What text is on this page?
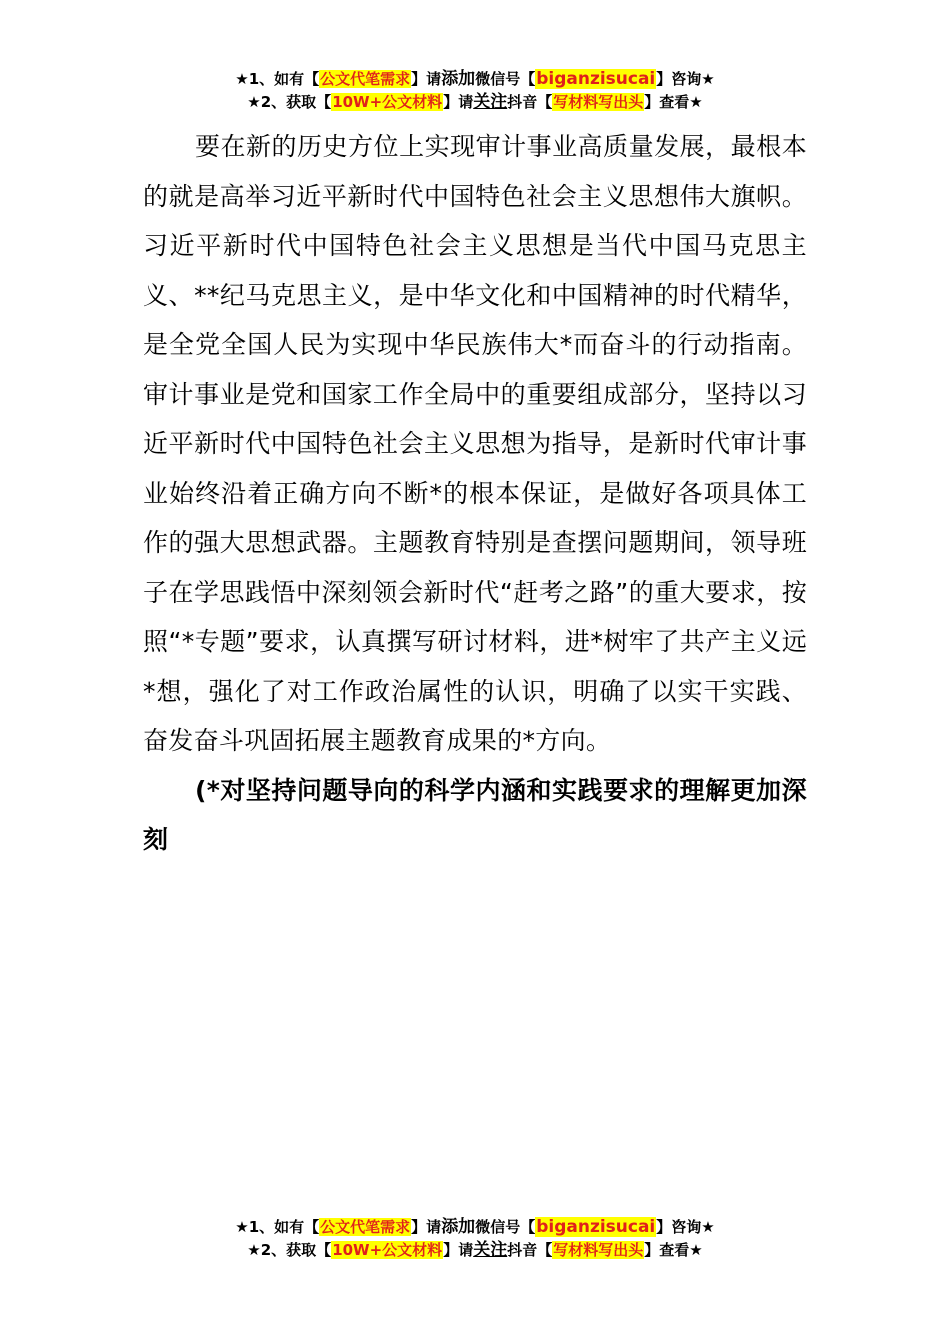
★1、如有【公文代笔需求】请添加微信号【biganzisucai】咨询★
★2、获取【10W+公文材料】请关注抖音【写材料写出头】查看★

要在新的历史方位上实现审计事业高质量发展，最根本的就是高举习近平新时代中国特色社会主义思想伟大旗帜。习近平新时代中国特色社会主义思想是当代中国马克思主义、**纪马克思主义，是中华文化和中国精神的时代精华，是全党全国人民为实现中华民族伟大*而奋斗的行动指南。审计事业是党和国家工作全局中的重要组成部分，坚持以习近平新时代中国特色社会主义思想为指导，是新时代审计事业始终沿着正确方向不断*的根本保证，是做好各项具体工作的强大思想武器。主题教育特别是查摆问题期间，领导班子在学思践悟中深刻领会新时代“赶考之路”的重大要求，按照“*专题”要求，认真撰写研讨材料，进*树牢了共产主义远*想，强化了对工作政治属性的认识，明确了以实干实践、奋发奋斗巩固拓展主题教育成果的*方向。

(*对坚持问题导向的科学内涵和实践要求的理解更加深刻

★1、如有【公文代笔需求】请添加微信号【biganzisucai】咨询★
★2、获取【10W+公文材料】请关注抖音【写材料写出头】查看★
